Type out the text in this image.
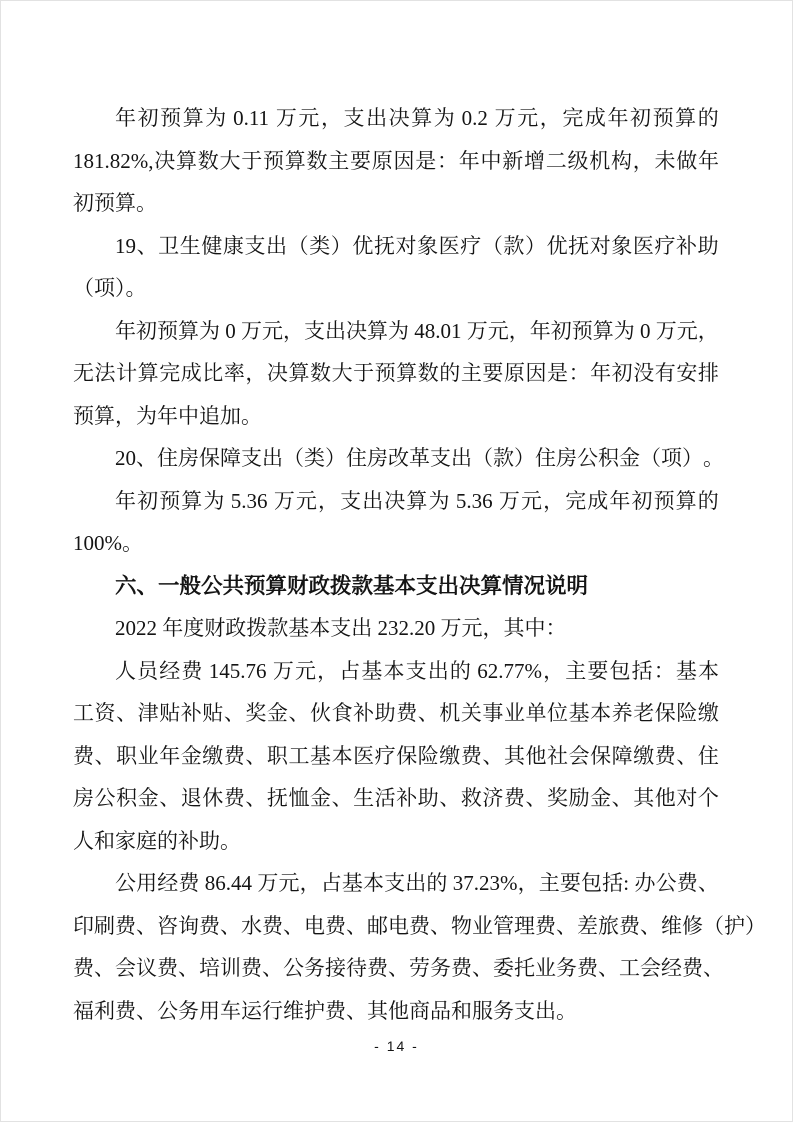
年 初 预 算 为 0.11 万 元 ， 支 出 决 算 为 0.2 万 元 ， 完 成 年 初 预 算 的
181.82%, 决 算 数 大 于 预 算 数 主 要 原 因 是 ： 年 中 新 增 二 级 机 构 ， 未 做 年
初预算。
19 、 卫 生 健 康 支 出 （ 类 ） 优 抚 对 象 医 疗 （ 款 ） 优 抚 对 象 医 疗 补 助
（项）。
年 初 预 算 为 0 万 元 ， 支 出 决 算 为 48.01 万 元 ， 年 初 预 算 为 0 万 元 ，
无 法 计 算 完 成 比 率 ， 决 算 数 大 于 预 算 数 的 主 要 原 因 是 ： 年 初 没 有 安 排
预算，为年中追加。
20 、 住 房 保 障 支 出 （ 类 ） 住 房 改 革 支 出 （ 款 ） 住 房 公 积 金 （ 项 ） 。
年 初 预 算 为 5.36 万 元 ， 支 出 决 算 为 5.36 万 元 ， 完 成 年 初 预 算 的
100%。
六、一般公共预算财政拨款基本支出决算情况说明
2022 年度财政拨款基本支出 232.20 万元，其中：
人 员 经 费 145.76 万 元 ， 占 基 本 支 出 的 62.77% ， 主 要 包 括 ： 基 本
工 资 、 津 贴 补 贴 、 奖 金 、 伙 食 补 助 费 、 机 关 事 业 单 位 基 本 养 老 保 险 缴
费 、 职 业 年 金 缴 费 、 职 工 基 本 医 疗 保 险 缴 费 、 其 他 社 会 保 障 缴 费 、 住
房 公 积 金 、 退 休 费 、 抚 恤 金 、 生 活 补 助 、 救 济 费 、 奖 励 金 、 其 他 对 个
人和家庭的补助。
公 用 经 费 86.44 万 元 ， 占 基 本 支 出 的 37.23% ， 主 要 包 括 : 办 公 费 、
印 刷 费 、 咨 询 费 、 水 费 、 电 费 、 邮 电 费 、 物 业 管 理 费 、 差 旅 费 、 维 修 （ 护 ）
费 、 会 议 费 、 培 训 费 、 公 务 接 待 费 、 劳 务 费 、 委 托 业 务 费 、 工 会 经 费 、
福利费、公务用车运行维护费、其他商品和服务支出。
- 14 -
